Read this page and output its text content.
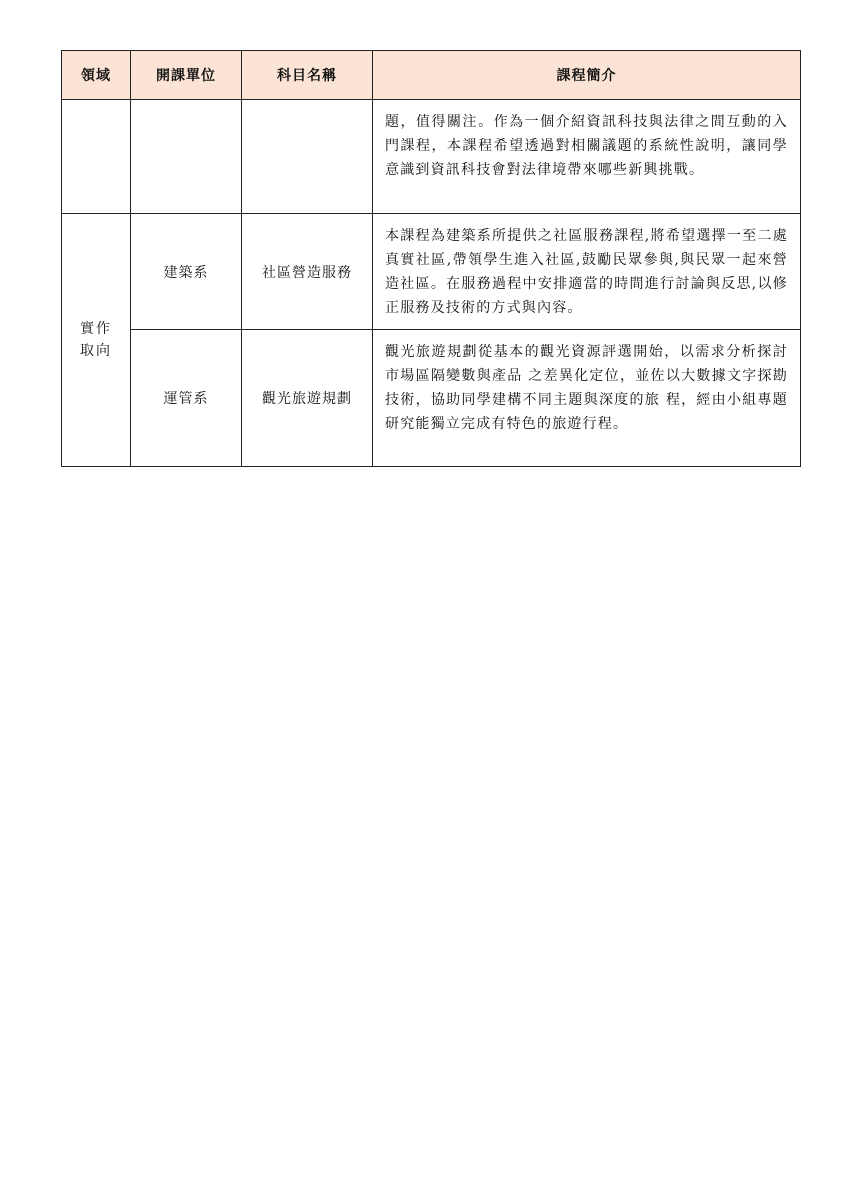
領域	開課單位	科目名稱	課程簡介
			題，值得關注。作為一個介紹資訊科技與法律之間互動的入門課程，本課程希望透過對相關議題的系統性說明，讓同學意識到資訊科技會對法律境帶來哪些新興挑戰。
實作取向	建築系	社區營造服務	本課程為建築系所提供之社區服務課程,將希望選擇一至二處真實社區,帶領學生進入社區,鼓勵民眾參與,與民眾一起來營造社區。在服務過程中安排適當的時間進行討論與反思,以修正服務及技術的方式與內容。
	運管系	觀光旅遊規劃	觀光旅遊規劃從基本的觀光資源評選開始，以需求分析探討市場區隔變數與產品 之差異化定位，並佐以大數據文字探勘技術，協助同學建構不同主題與深度的旅 程，經由小組專題研究能獨立完成有特色的旅遊行程。
